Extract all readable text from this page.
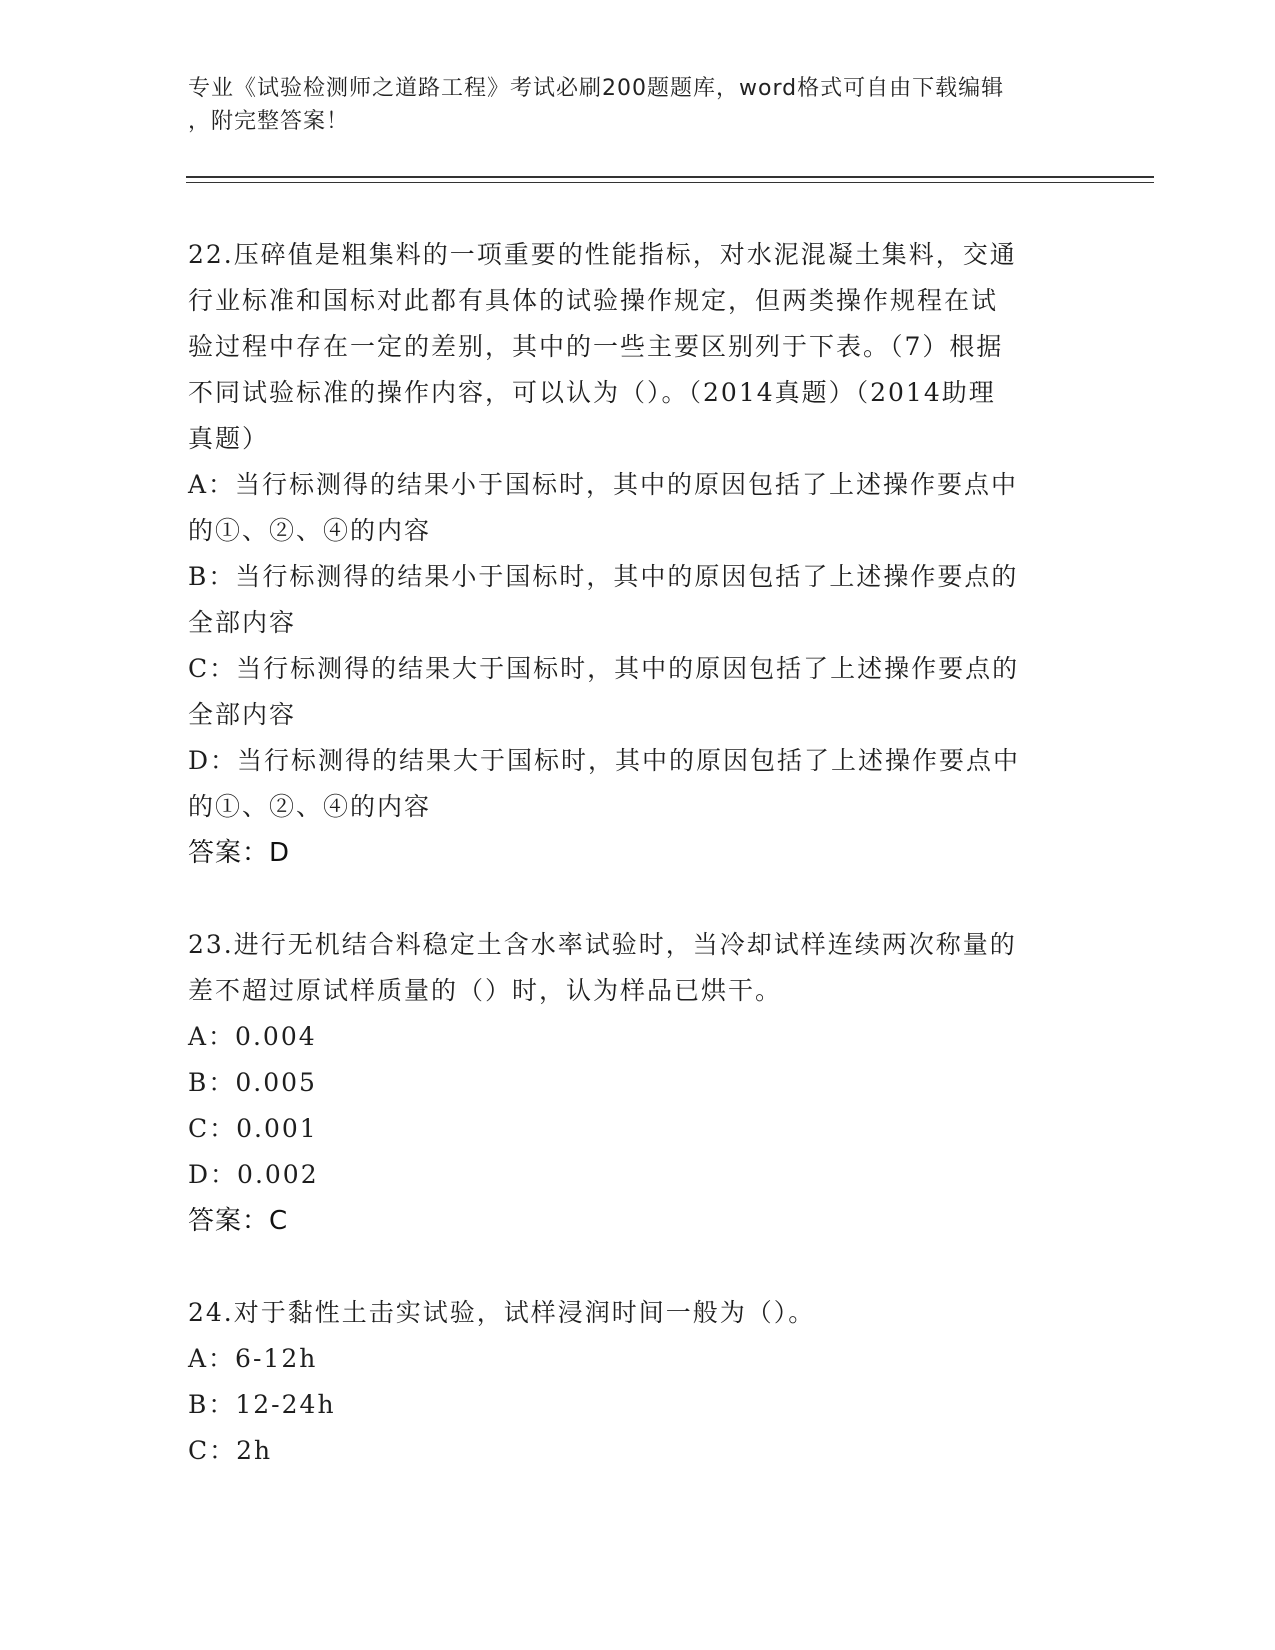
专业《试验检测师之道路工程》考试必刷200题题库，word格式可自由下载编辑
，附完整答案！
22.压碎值是粗集料的一项重要的性能指标，对水泥混凝土集料，交通
行业标准和国标对此都有具体的试验操作规定，但两类操作规程在试
验过程中存在一定的差别，其中的一些主要区别列于下表。（7）根据
不同试验标准的操作内容，可以认为（）。（2014真题）（2014助理
真题）
A：当行标测得的结果小于国标时，其中的原因包括了上述操作要点中
的①、②、④的内容
B：当行标测得的结果小于国标时，其中的原因包括了上述操作要点的
全部内容
C：当行标测得的结果大于国标时，其中的原因包括了上述操作要点的
全部内容
D：当行标测得的结果大于国标时，其中的原因包括了上述操作要点中
的①、②、④的内容
答案：D
23.进行无机结合料稳定土含水率试验时，当冷却试样连续两次称量的
差不超过原试样质量的（）时，认为样品已烘干。
A：0.004
B：0.005
C：0.001
D：0.002
答案：C
24.对于黏性土击实试验，试样浸润时间一般为（）。
A：6-12h
B：12-24h
C：2h
